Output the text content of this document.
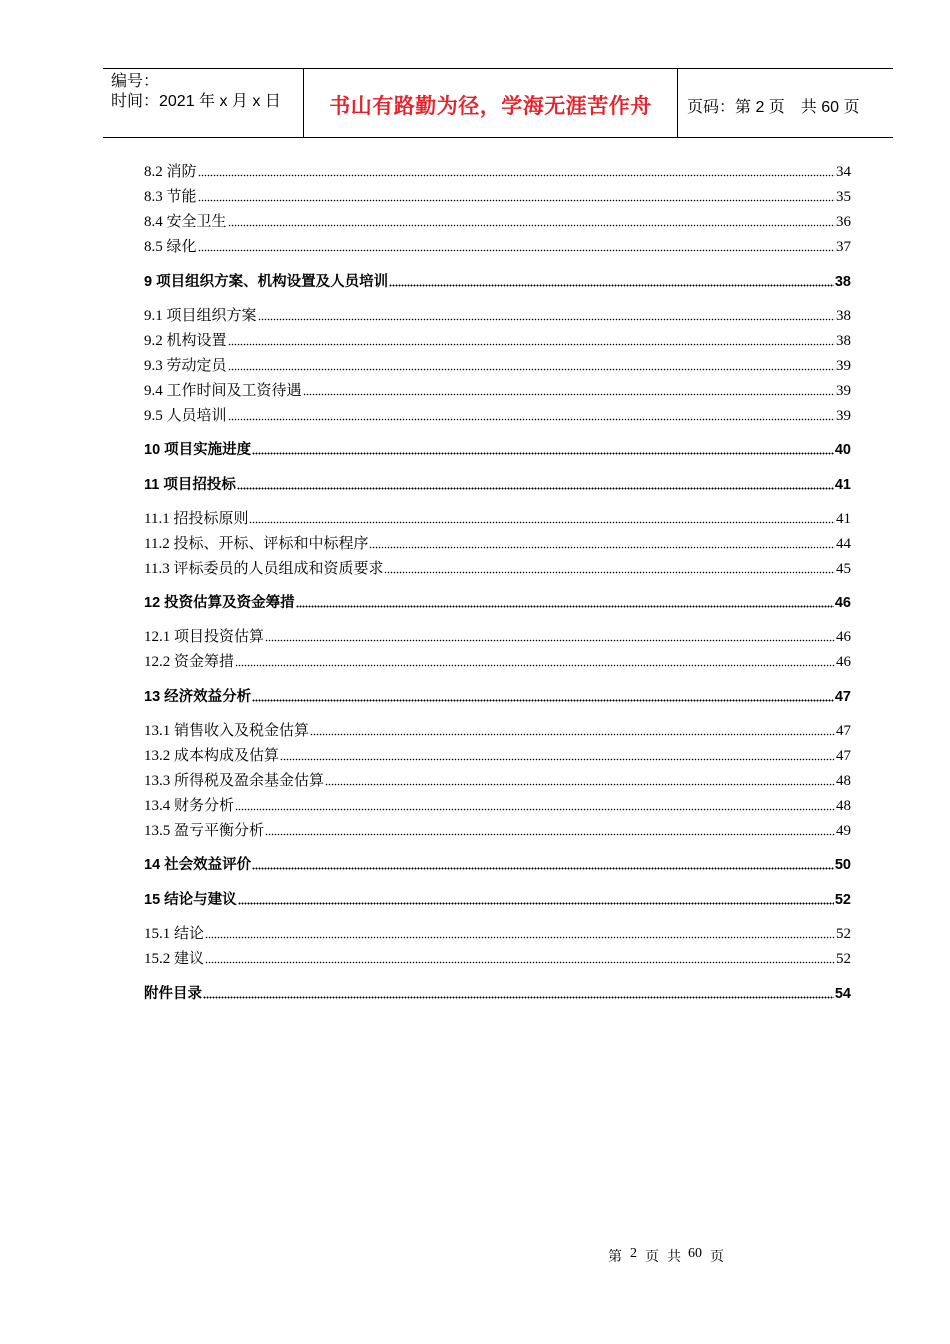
编号：
时间：2021 年 x 月 x 日	书山有路勤为径，学海无涯苦作舟 页码：第 2 页 共 60 页
8.2 消防	34
8.3 节能	35
8.4 安全卫生	36
8.5 绿化	37
9 项目组织方案、机构设置及人员培训	38
9.1 项目组织方案	38
9.2 机构设置	38
9.3 劳动定员	39
9.4 工作时间及工资待遇	39
9.5 人员培训	39
10 项目实施进度	40
11 项目招投标	41
11.1 招投标原则	41
11.2 投标、开标、评标和中标程序	44
11.3 评标委员的人员组成和资质要求	45
12 投资估算及资金筹措	46
12.1 项目投资估算	46
12.2 资金筹措	46
13 经济效益分析	47
13.1 销售收入及税金估算	47
13.2 成本构成及估算	47
13.3 所得税及盈余基金估算	48
13.4 财务分析	48
13.5 盈亏平衡分析	49
14 社会效益评价	50
15 结论与建议	52
15.1 结论	52
15.2 建议	52
附件目录	54
第 2 页 共 60 页
